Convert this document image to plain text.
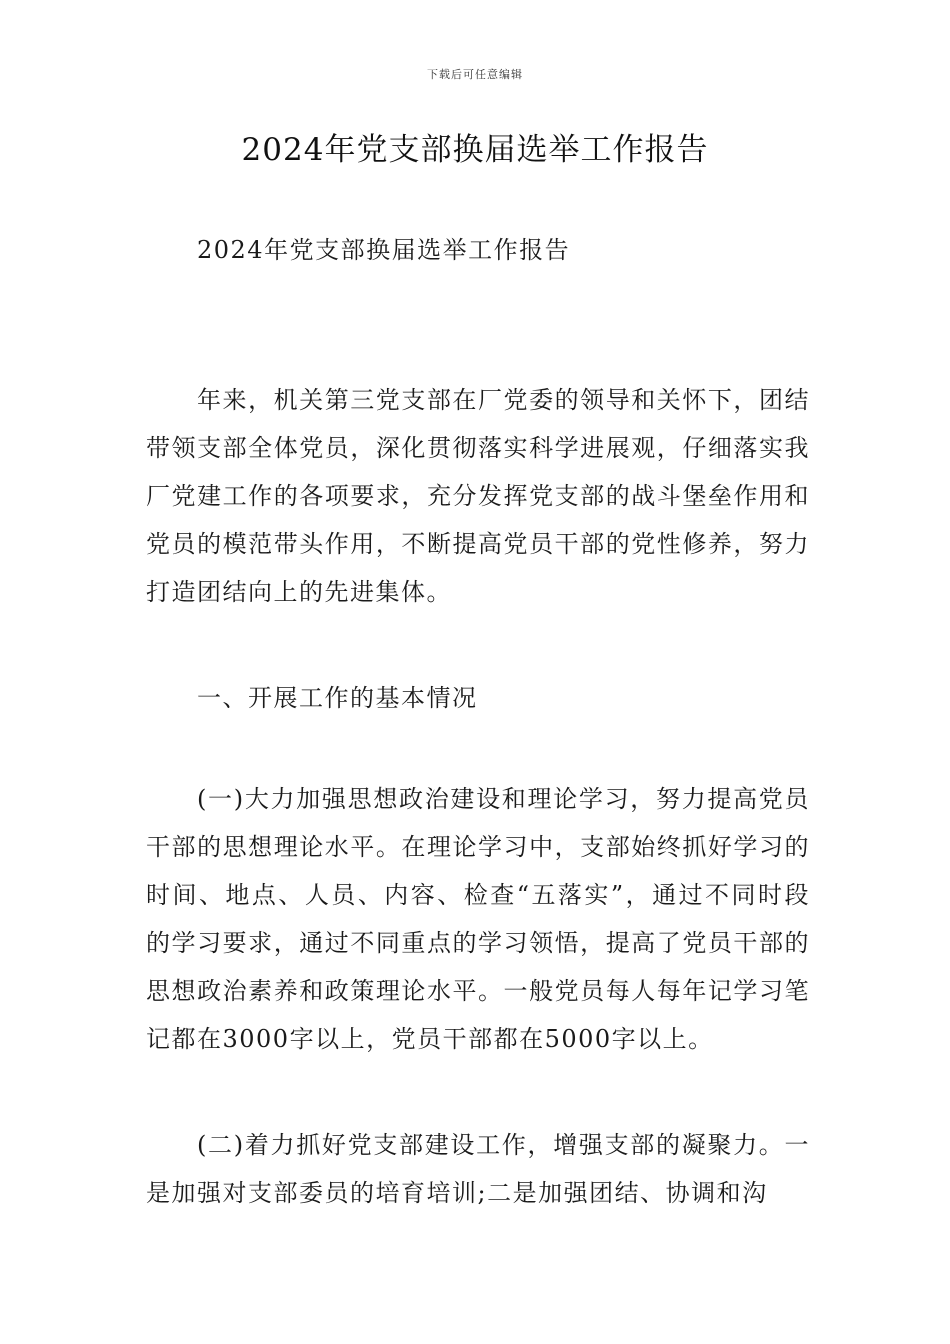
下载后可任意编辑
2024年党支部换届选举工作报告

2024年党支部换届选举工作报告

年来，机关第三党支部在厂党委的领导和关怀下，团结带领支部全体党员，深化贯彻落实科学进展观，仔细落实我厂党建工作的各项要求，充分发挥党支部的战斗堡垒作用和党员的模范带头作用，不断提高党员干部的党性修养，努力打造团结向上的先进集体。

一、开展工作的基本情况

(一)大力加强思想政治建设和理论学习，努力提高党员干部的思想理论水平。在理论学习中，支部始终抓好学习的时间、地点、人员、内容、检查“五落实”，通过不同时段的学习要求，通过不同重点的学习领悟，提高了党员干部的思想政治素养和政策理论水平。一般党员每人每年记学习笔记都在3000字以上，党员干部都在5000字以上。

(二)着力抓好党支部建设工作，增强支部的凝聚力。一是加强对支部委员的培育培训;二是加强团结、协调和沟
